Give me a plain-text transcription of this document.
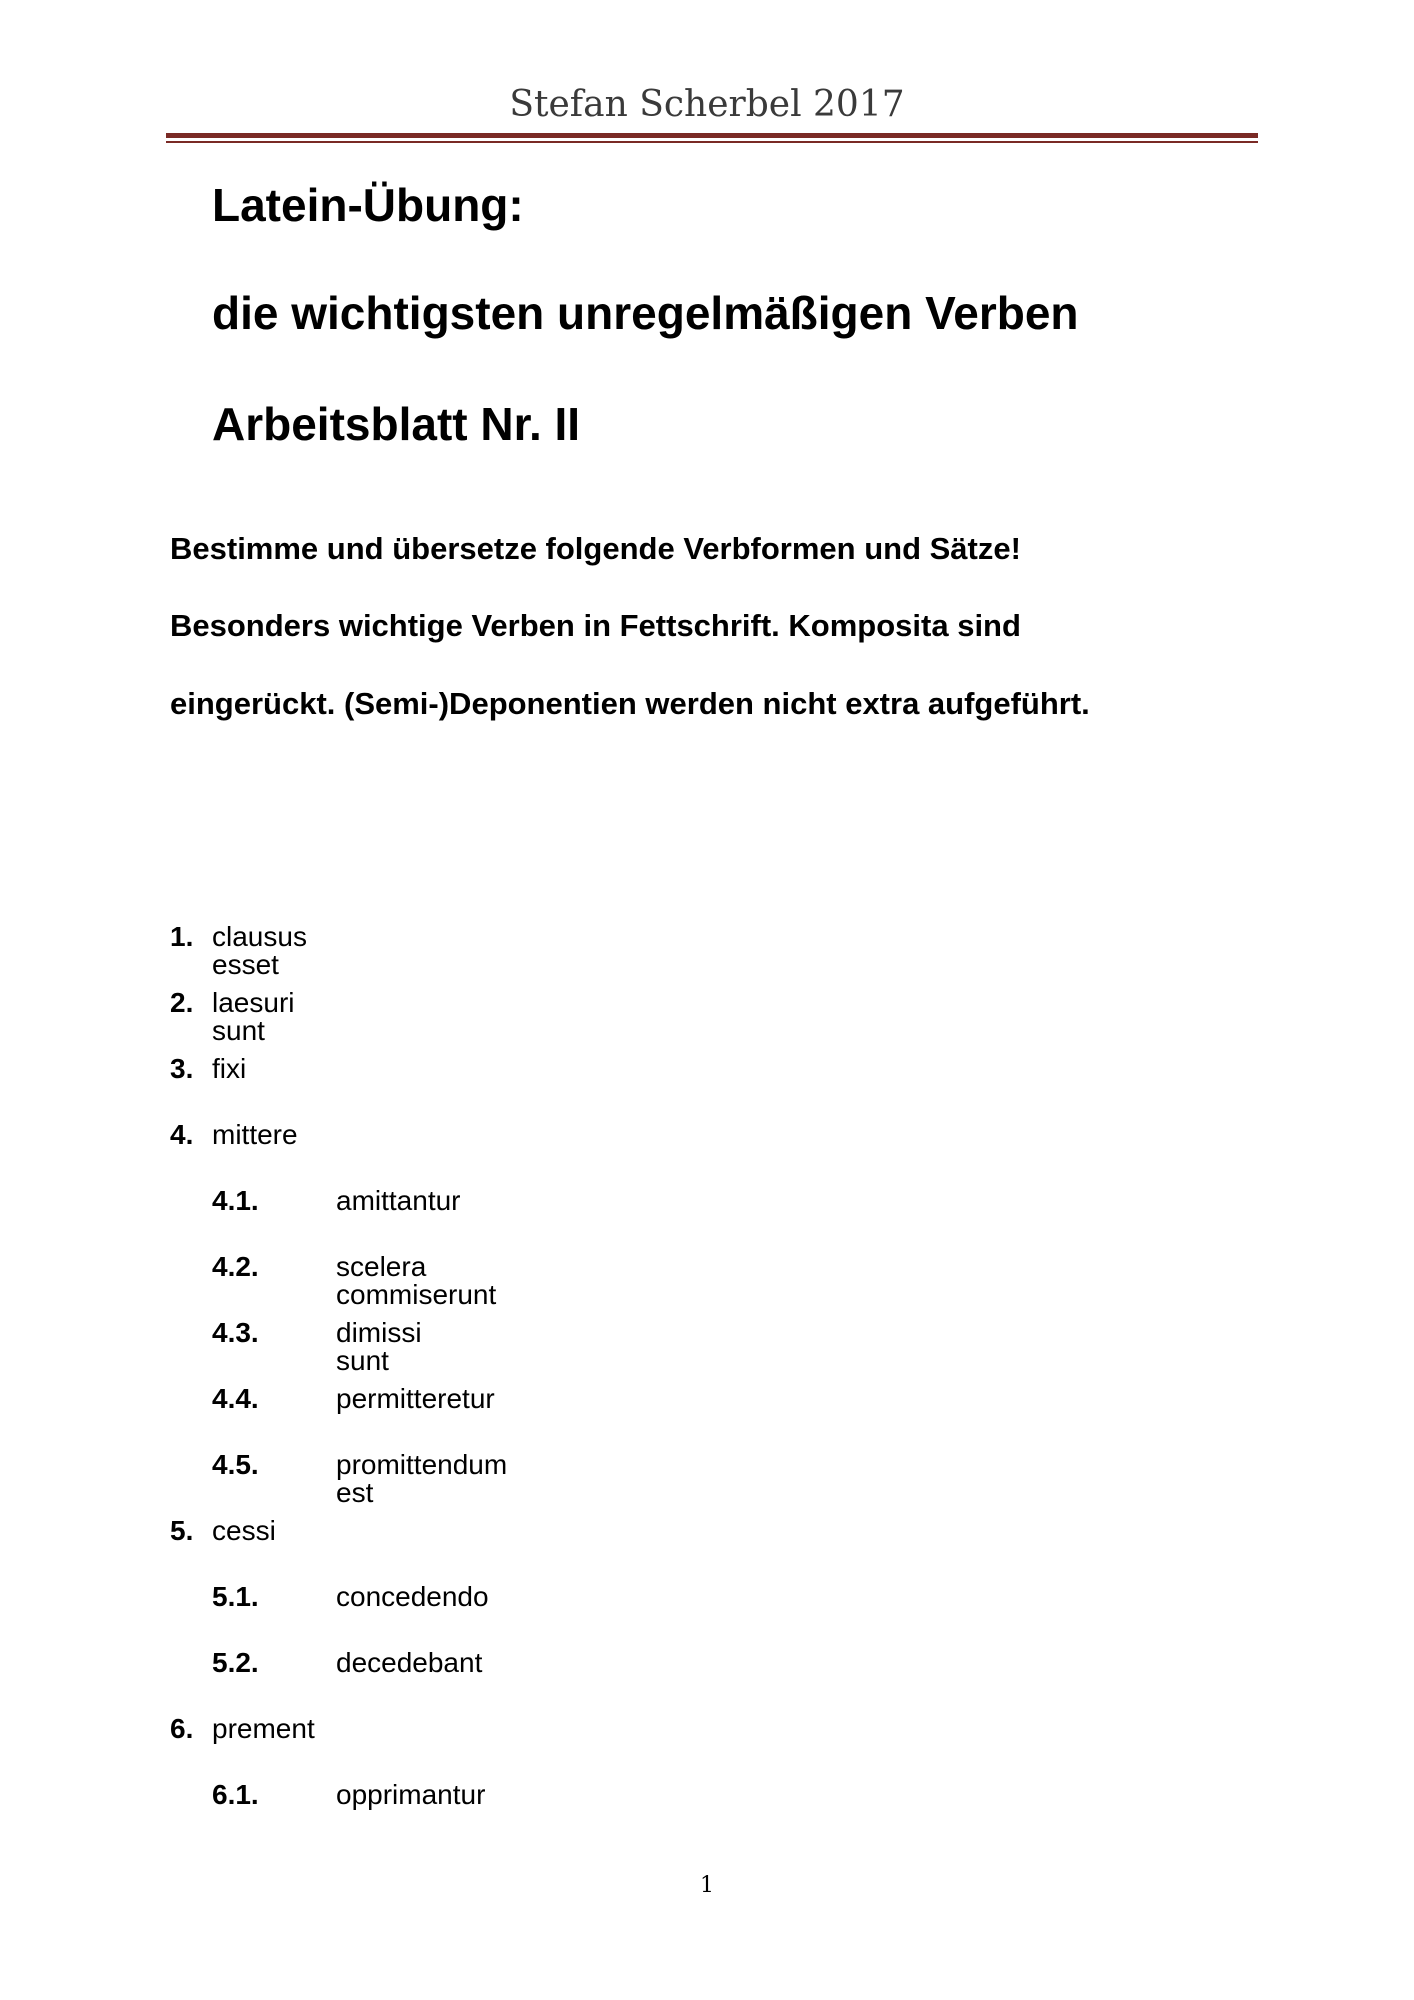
Stefan Scherbel 2017
Latein-Übung:
die wichtigsten unregelmäßigen Verben
Arbeitsblatt Nr. II
Bestimme und übersetze folgende Verbformen und Sätze!
Besonders wichtige Verben in Fettschrift. Komposita sind
eingerückt. (Semi-)Deponentien werden nicht extra aufgeführt.
1. clausus esset
2. laesuri sunt
3. fixi
4. mittere
4.1.	amittantur
4.2.	scelera commiserunt
4.3.	dimissi sunt
4.4.	permitteretur
4.5.	promittendum est
5. cessi
5.1.	concedendo
5.2.	decedebant
6. prement
6.1.	opprimantur
1
